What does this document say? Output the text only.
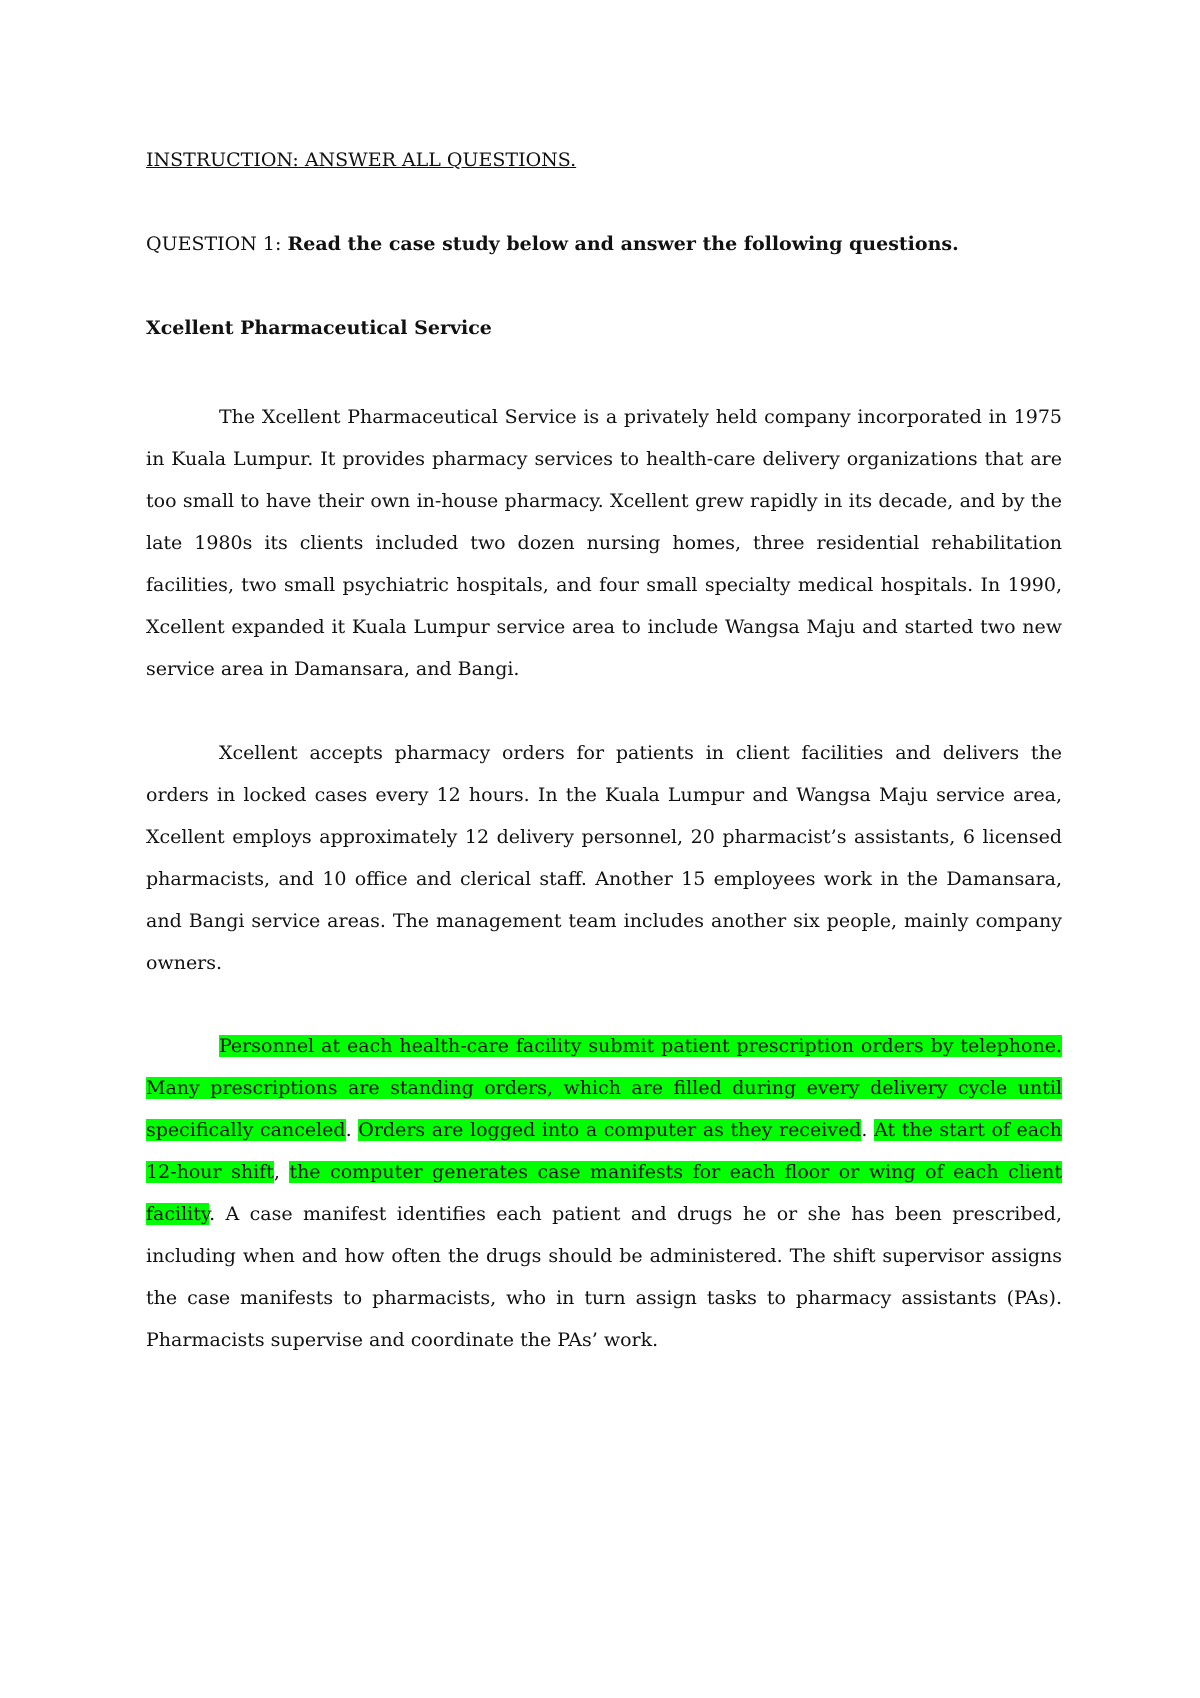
INSTRUCTION: ANSWER ALL QUESTIONS.

QUESTION 1: Read the case study below and answer the following questions.

Xcellent Pharmaceutical Service

The Xcellent Pharmaceutical Service is a privately held company incorporated in 1975 in Kuala Lumpur. It provides pharmacy services to health-care delivery organizations that are too small to have their own in-house pharmacy. Xcellent grew rapidly in its decade, and by the late 1980s its clients included two dozen nursing homes, three residential rehabilitation facilities, two small psychiatric hospitals, and four small specialty medical hospitals. In 1990, Xcellent expanded it Kuala Lumpur service area to include Wangsa Maju and started two new service area in Damansara, and Bangi.

Xcellent accepts pharmacy orders for patients in client facilities and delivers the orders in locked cases every 12 hours. In the Kuala Lumpur and Wangsa Maju service area, Xcellent employs approximately 12 delivery personnel, 20 pharmacist’s assistants, 6 licensed pharmacists, and 10 office and clerical staff. Another 15 employees work in the Damansara, and Bangi service areas. The management team includes another six people, mainly company owners.

Personnel at each health-care facility submit patient prescription orders by telephone. Many prescriptions are standing orders, which are filled during every delivery cycle until specifically canceled. Orders are logged into a computer as they received. At the start of each 12-hour shift, the computer generates case manifests for each floor or wing of each client facility. A case manifest identifies each patient and drugs he or she has been prescribed, including when and how often the drugs should be administered. The shift supervisor assigns the case manifests to pharmacists, who in turn assign tasks to pharmacy assistants (PAs). Pharmacists supervise and coordinate the PAs’ work.
